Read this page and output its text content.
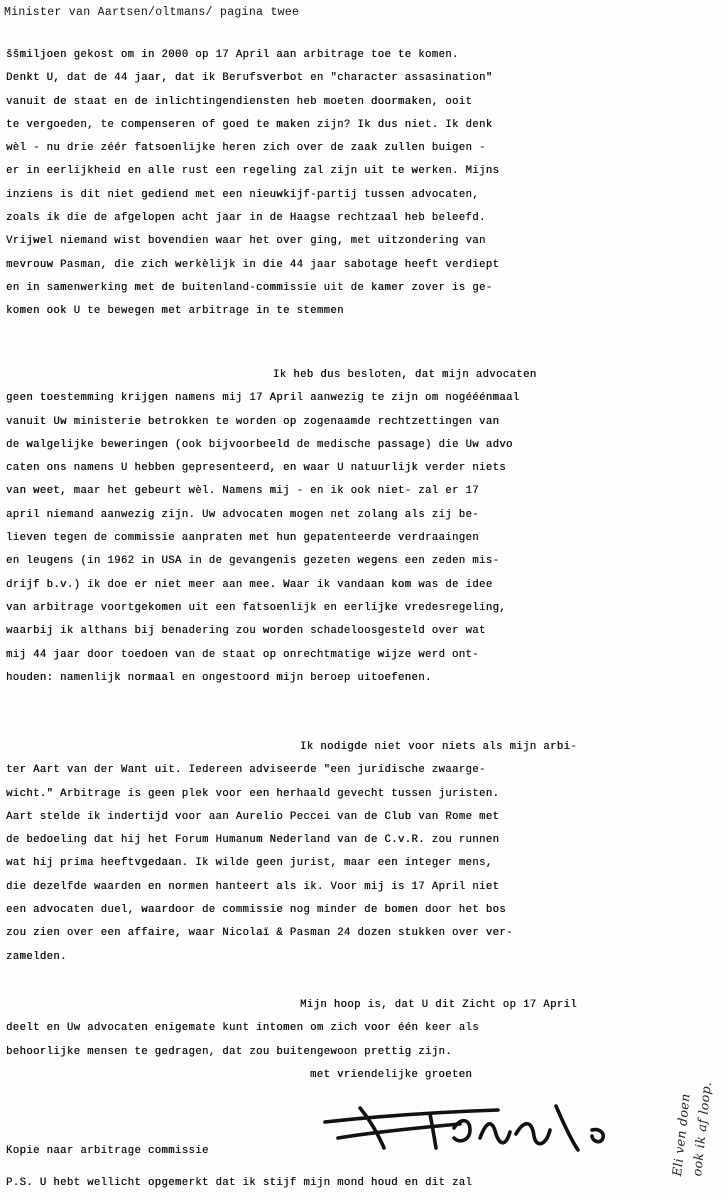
Minister van Aartsen/oltmans/ pagina twee
ššmiljoen gekost om in 2000 op 17 April aan arbitrage toe te komen.
Denkt U, dat de 44 jaar, dat ik Berufsverbot en "character assasination"
vanuit de staat en de inlichtingendiensten heb moeten doormaken, ooit
te vergoeden, te compenseren of goed te maken zijn? Ik dus niet. Ik denk
wèl - nu drie zéér fatsoenlijke heren zich over de zaak zullen buigen -
er in eerlijkheid en alle rust een regeling zal zijn uit te werken. Mijns
inziens is dit niet gediend met een nieuwkijf-partij tussen advocaten,
zoals ik die de afgelopen acht jaar in de Haagse rechtzaal heb beleefd.
Vrijwel niemand wist bovendien waar het over ging, met uitzondering van
mevrouw Pasman, die zich werkèlijk in die 44 jaar sabotage heeft verdiept
en in samenwerking met de buitenland-commissie uit de kamer zover is ge-
komen ook U te bewegen met arbitrage in te stemmen
Ik heb dus besloten, dat mijn advocaten
geen toestemming krijgen namens mij 17 April aanwezig te zijn om nogééénmaal
vanuit Uw ministerie betrokken te worden op zogenaamde rechtzettingen van
de walgelijke beweringen (ook bijvoorbeeld de medische passage) die Uw advo
caten ons namens U hebben gepresenteerd, en waar U natuurlijk verder niets
van weet, maar het gebeurt wèl. Namens mij - en ik ook niet- zal er 17
april niemand aanwezig zijn. Uw advocaten mogen net zolang als zij be-
lieven tegen de commissie aanpraten met hun gepatenteerde verdraaingen
en leugens (in 1962 in USA in de gevangenis gezeten wegens een zeden mis-
drijf b.v.) ik doe er niet meer aan mee. Waar ik vandaan kom was de idee
van arbitrage voortgekomen uit een fatsoenlijk en eerlijke vredesregeling,
waarbij ik althans bij benadering zou worden schadeloosgesteld over wat
mij 44 jaar door toedoen van de staat op onrechtmatige wijze werd ont-
houden: namenlijk normaal en ongestoord mijn beroep uitoefenen.
Ik nodigde niet voor niets als mijn arbi-
ter Aart van der Want uit. Iedereen adviseerde "een juridische zwaarge-
wicht." Arbitrage is geen plek voor een herhaald gevecht tussen juristen.
Aart stelde ik indertijd voor aan Aurelio Peccei van de Club van Rome met
de bedoeling dat hij het Forum Humanum Nederland van de C.v.R. zou runnen
wat hij prima heeftvgedaan. Ik wilde geen jurist, maar een integer mens,
die dezelfde waarden en normen hanteert als ik. Voor mij is 17 April niet
een advocaten duel, waardoor de commissie nog minder de bomen door het bos
zou zien over een affaire, waar Nicolaï & Pasman 24 dozen stukken over ver-
zamelden.
Mijn hoop is, dat U dit Zicht op 17 April
deelt en Uw advocaten enigemate kunt intomen om zich voor één keer als
behoorlijke mensen te gedragen, dat zou buitengewoon prettig zijn.
met vriendelijke groeten
Eli ven doen
ook ik af loop.
Kopie naar arbitrage commissie
P.S. U hebt wellicht opgemerkt dat ik stijf mijn mond houd en dit zal
